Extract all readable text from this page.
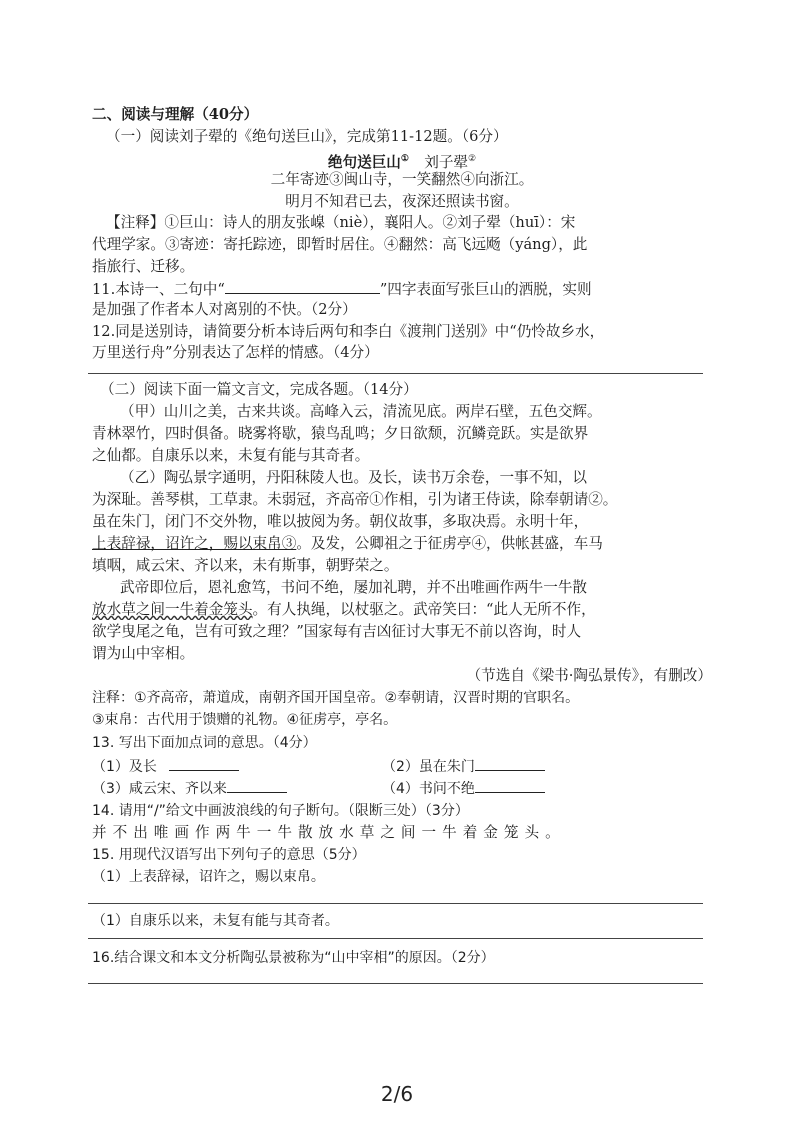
二、阅读与理解（40分）
（一）阅读刘子翚的《绝句送巨山》，完成第11-12题。（6分）
绝句送巨山① 刘子翚②
二年寄迹③闽山寺，一笑翻然④向浙江。
明月不知君已去，夜深还照读书窗。
【注释】①巨山：诗人的朋友张嵲（niè），襄阳人。②刘子翚（huī）：宋
代理学家。③寄迹：寄托踪迹，即暂时居住。④翻然：高飞远飏（yáng），此
指旅行、迁移。
11.本诗一、二句中“	”四字表面写张巨山的洒脱，实则
是加强了作者本人对离别的不快。（2分）
12.同是送别诗，请简要分析本诗后两句和李白《渡荆门送别》中“仍怜故乡水，
万里送行舟”分别表达了怎样的情感。（4分）
（二）阅读下面一篇文言文，完成各题。（14分）
（甲）山川之美，古来共谈。高峰入云，清流见底。两岸石壁，五色交辉。
青林翠竹，四时俱备。晓雾将歇，猿鸟乱鸣；夕日欲颓，沉鳞竞跃。实是欲界
之仙都。自康乐以来，未复有能与其奇者。
（乙）陶弘景字通明，丹阳秣陵人也。及长，读书万余卷，一事不知，以
为深耻。善琴棋，工草隶。未弱冠，齐高帝①作相，引为诸王侍读，除奉朝请②。
虽在朱门，闭门不交外物，唯以披阅为务。朝仪故事，多取决焉。永明十年，
上表辞禄，诏许之，赐以束帛③。及发，公卿祖之于征虏亭④，供帐甚盛，车马
填咽，咸云宋、齐以来，未有斯事，朝野荣之。
武帝即位后，恩礼愈笃，书问不绝，屡加礼聘，并不出唯画作两牛一牛散
放水草之间一牛着金笼头。有人执绳，以杖驱之。武帝笑曰：“此人无所不作，
欲学曳尾之龟，岂有可致之理？”国家每有吉凶征讨大事无不前以咨询，时人
谓为山中宰相。
（节选自《梁书·陶弘景传》，有删改）
注释：①齐高帝，萧道成，南朝齐国开国皇帝。②奉朝请，汉晋时期的官职名。
③束帛：古代用于馈赠的礼物。④征虏亭，亭名。
13. 写出下面加点词的意思。（4分）
（1）及长	（2）虽在朱门
（3）咸云宋、齐以来	（4）书问不绝
14. 请用“/”给文中画波浪线的句子断句。（限断三处）（3分）
并不出唯画作两牛一牛散放水草之间一牛着金笼头。
15. 用现代汉语写出下列句子的意思（5分）
（1）上表辞禄，诏许之，赐以束帛。
（1）自康乐以来，未复有能与其奇者。
16.结合课文和本文分析陶弘景被称为“山中宰相”的原因。（2分）
2/6
